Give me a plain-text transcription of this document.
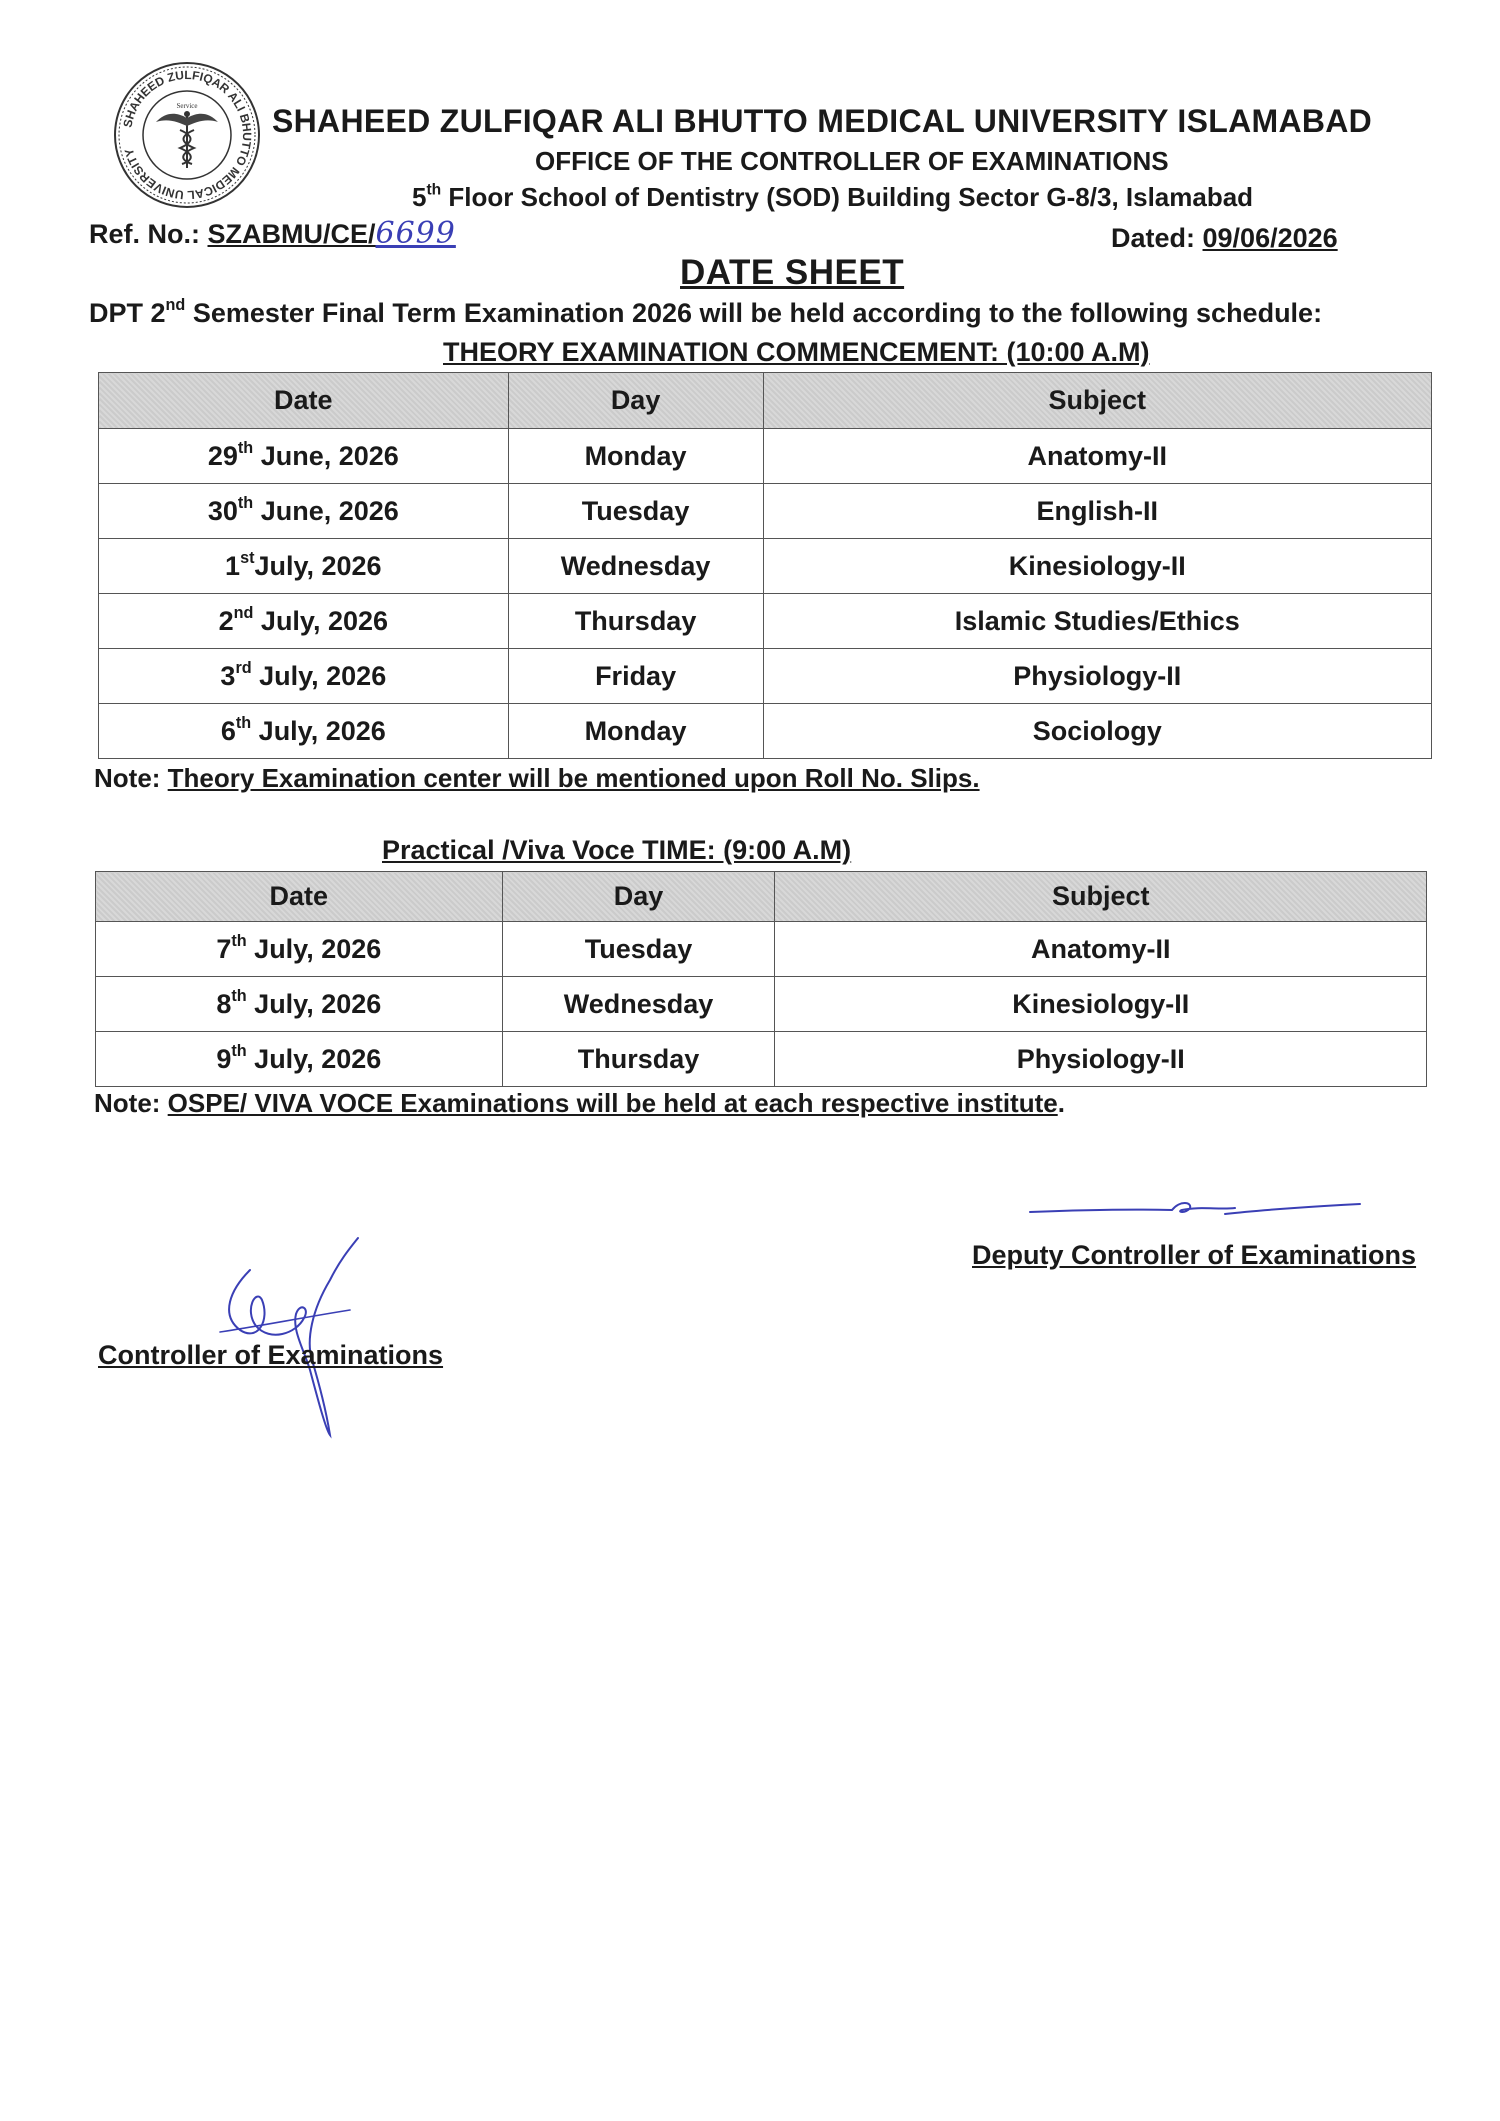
SHAHEED ZULFIQAR ALI BHUTTO MEDICAL UNIVERSITY
Service SHAHEED ZULFIQAR ALI BHUTTO MEDICAL UNIVERSITY ISLAMABAD
OFFICE OF THE CONTROLLER OF EXAMINATIONS
5th Floor School of Dentistry (SOD) Building Sector G-8/3, Islamabad
Ref. No.: SZABMU/CE/6699	Dated: 09/06/2026
DATE SHEET
DPT 2nd Semester Final Term Examination 2026 will be held according to the following schedule:
THEORY EXAMINATION COMMENCEMENT: (10:00 A.M)
Date	Day	Subject
29th June, 2026	Monday	Anatomy-II
30th June, 2026	Tuesday	English-II
1stJuly, 2026	Wednesday	Kinesiology-II
2nd July, 2026	Thursday	Islamic Studies/Ethics
3rd July, 2026	Friday	Physiology-II
6th July, 2026	Monday	Sociology
Note: Theory Examination center will be mentioned upon Roll No. Slips.
Practical /Viva Voce TIME: (9:00 A.M)
Date	Day	Subject
7th July, 2026	Tuesday	Anatomy-II
8th July, 2026	Wednesday	Kinesiology-II
9th July, 2026	Thursday	Physiology-II
Note: OSPE/ VIVA VOCE Examinations will be held at each respective institute.
Deputy Controller of Examinations
Controller of Examinations
